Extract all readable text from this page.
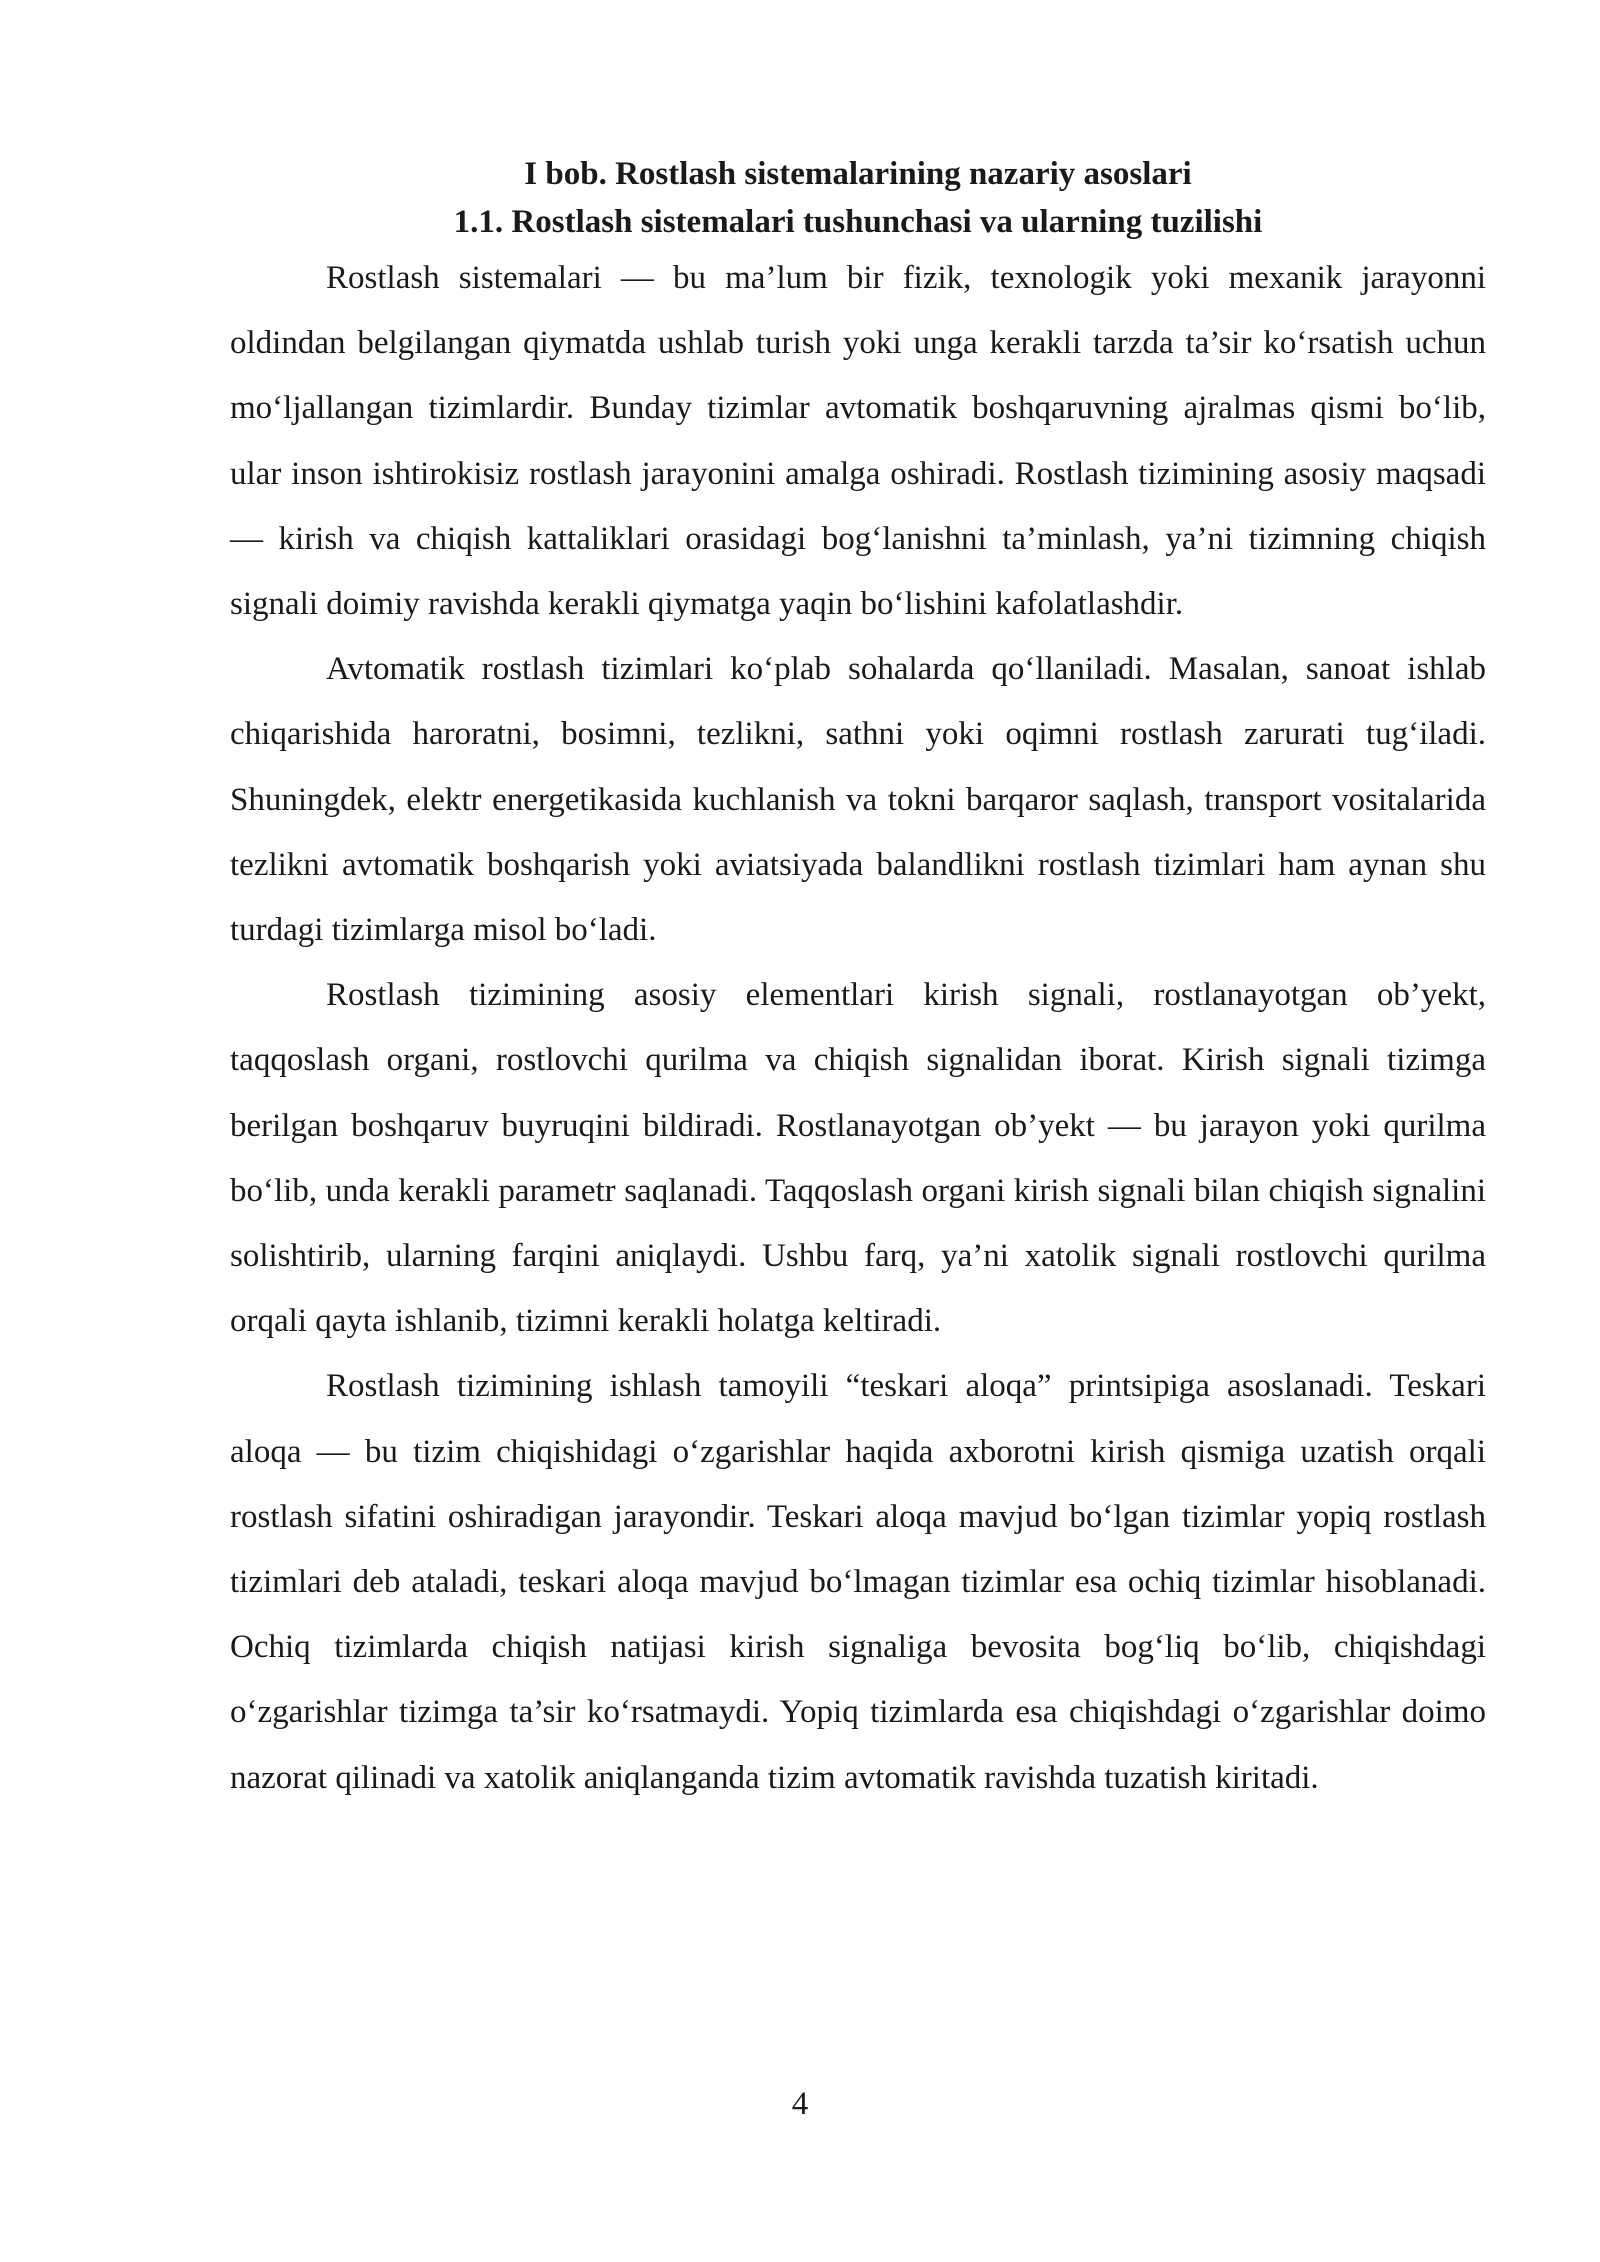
I bob. Rostlash sistemalarining nazariy asoslari
1.1. Rostlash sistemalari tushunchasi va ularning tuzilishi

Rostlash sistemalari — bu ma’lum bir fizik, texnologik yoki mexanik jarayonni oldindan belgilangan qiymatda ushlab turish yoki unga kerakli tarzda ta’sir ko‘rsatish uchun mo‘ljallangan tizimlardir. Bunday tizimlar avtomatik boshqaruvning ajralmas qismi bo‘lib, ular inson ishtirokisiz rostlash jarayonini amalga oshiradi. Rostlash tizimining asosiy maqsadi — kirish va chiqish kattaliklari orasidagi bog‘lanishni ta’minlash, ya’ni tizimning chiqish signali doimiy ravishda kerakli qiymatga yaqin bo‘lishini kafolatlashdir.

Avtomatik rostlash tizimlari ko‘plab sohalarda qo‘llaniladi. Masalan, sanoat ishlab chiqarishida haroratni, bosimni, tezlikni, sathni yoki oqimni rostlash zarurati tug‘iladi. Shuningdek, elektr energetikasida kuchlanish va tokni barqaror saqlash, transport vositalarida tezlikni avtomatik boshqarish yoki aviatsiyada balandlikni rostlash tizimlari ham aynan shu turdagi tizimlarga misol bo‘ladi.

Rostlash tizimining asosiy elementlari kirish signali, rostlanayotgan ob’yekt, taqqoslash organi, rostlovchi qurilma va chiqish signalidan iborat. Kirish signali tizimga berilgan boshqaruv buyruqini bildiradi. Rostlanayotgan ob’yekt — bu jarayon yoki qurilma bo‘lib, unda kerakli parametr saqlanadi. Taqqoslash organi kirish signali bilan chiqish signalini solishtirib, ularning farqini aniqlaydi. Ushbu farq, ya’ni xatolik signali rostlovchi qurilma orqali qayta ishlanib, tizimni kerakli holatga keltiradi.

Rostlash tizimining ishlash tamoyili “teskari aloqa” printsipiga asoslanadi. Teskari aloqa — bu tizim chiqishidagi o‘zgarishlar haqida axborotni kirish qismiga uzatish orqali rostlash sifatini oshiradigan jarayondir. Teskari aloqa mavjud bo‘lgan tizimlar yopiq rostlash tizimlari deb ataladi, teskari aloqa mavjud bo‘lmagan tizimlar esa ochiq tizimlar hisoblanadi. Ochiq tizimlarda chiqish natijasi kirish signaliga bevosita bog‘liq bo‘lib, chiqishdagi o‘zgarishlar tizimga ta’sir ko‘rsatmaydi. Yopiq tizimlarda esa chiqishdagi o‘zgarishlar doimo nazorat qilinadi va xatolik aniqlanganda tizim avtomatik ravishda tuzatish kiritadi.

4
